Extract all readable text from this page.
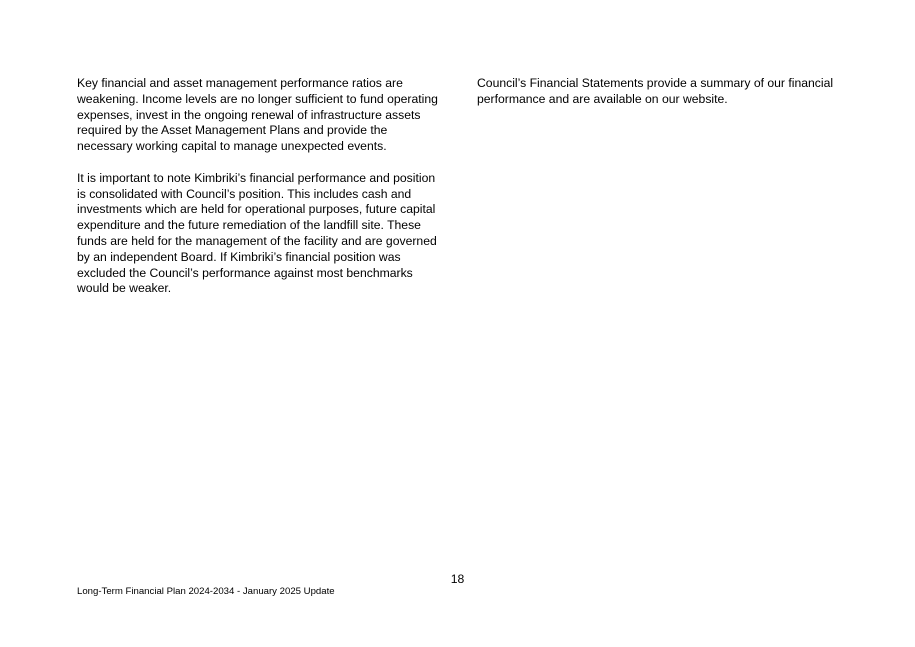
Key financial and asset management performance ratios are weakening. Income levels are no longer sufficient to fund operating expenses, invest in the ongoing renewal of infrastructure assets required by the Asset Management Plans and provide the necessary working capital to manage unexpected events.

It is important to note Kimbriki’s financial performance and position is consolidated with Council’s position. This includes cash and investments which are held for operational purposes, future capital expenditure and the future remediation of the landfill site. These funds are held for the management of the facility and are governed by an independent Board. If Kimbriki’s financial position was excluded the Council’s performance against most benchmarks would be weaker.

Council’s Financial Statements provide a summary of our financial performance and are available on our website.

18
Long-Term Financial Plan 2024-2034 - January 2025 Update
